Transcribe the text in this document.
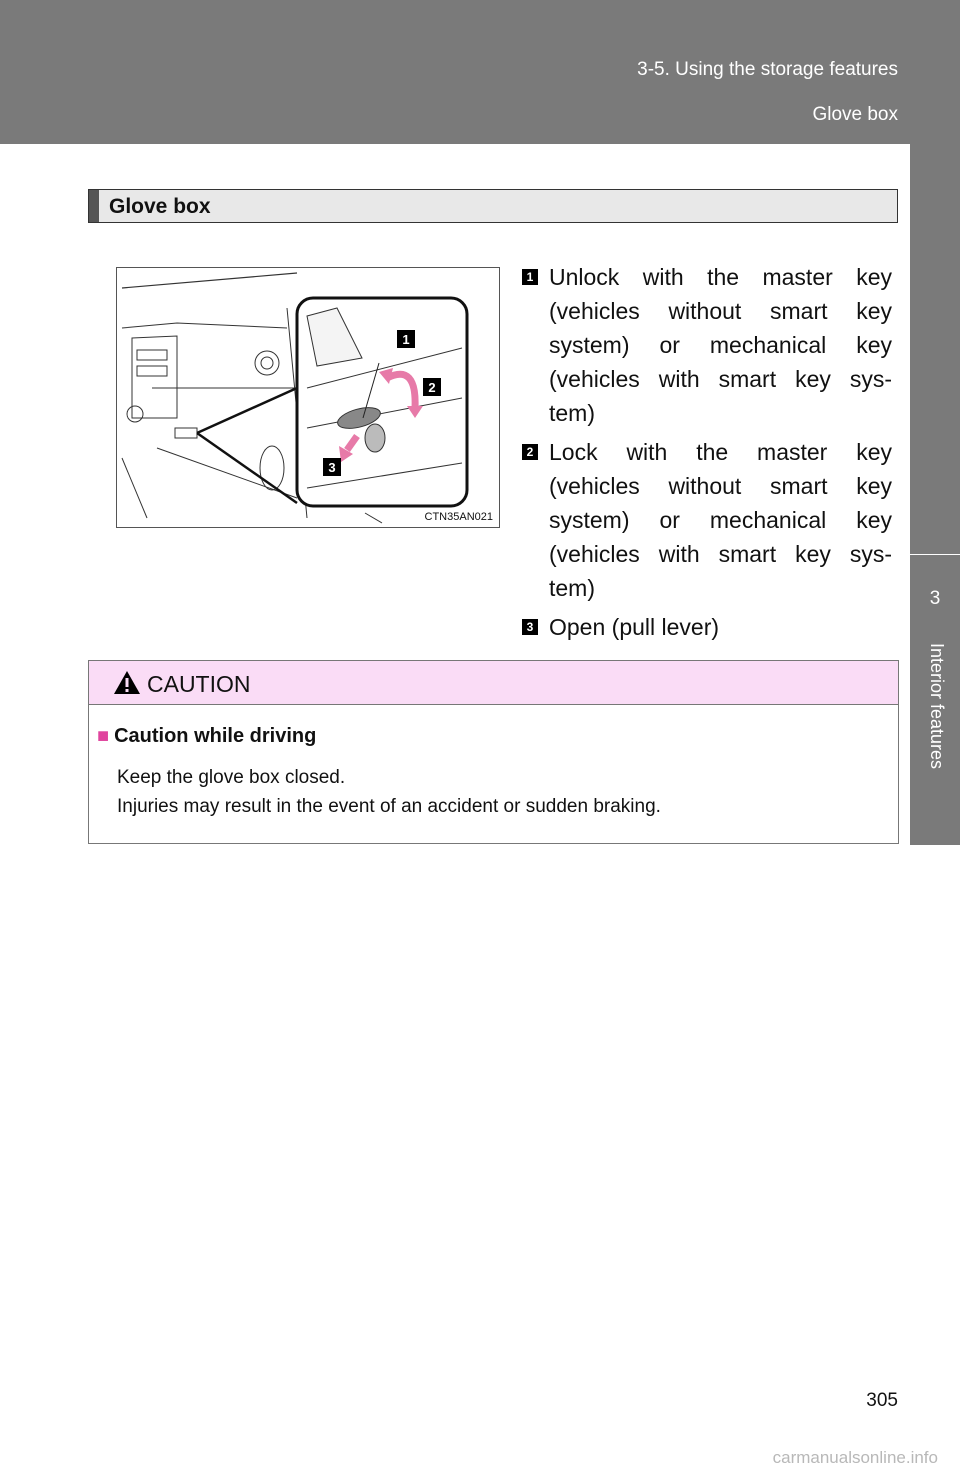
3-5. Using the storage features
Glove box
3
Interior features
Glove box
1
2
3
CTN35AN021
1 Unlock with the master key (vehicles without smart key system) or mechanical key (vehicles with smart key sys- tem)
2 Lock with the master key (vehicles without smart key system) or mechanical key (vehicles with smart key sys- tem)
3 Open (pull lever)
CAUTION
■ Caution while driving
Keep the glove box closed.
Injuries may result in the event of an accident or sudden braking.
305
carmanualsonline.info
